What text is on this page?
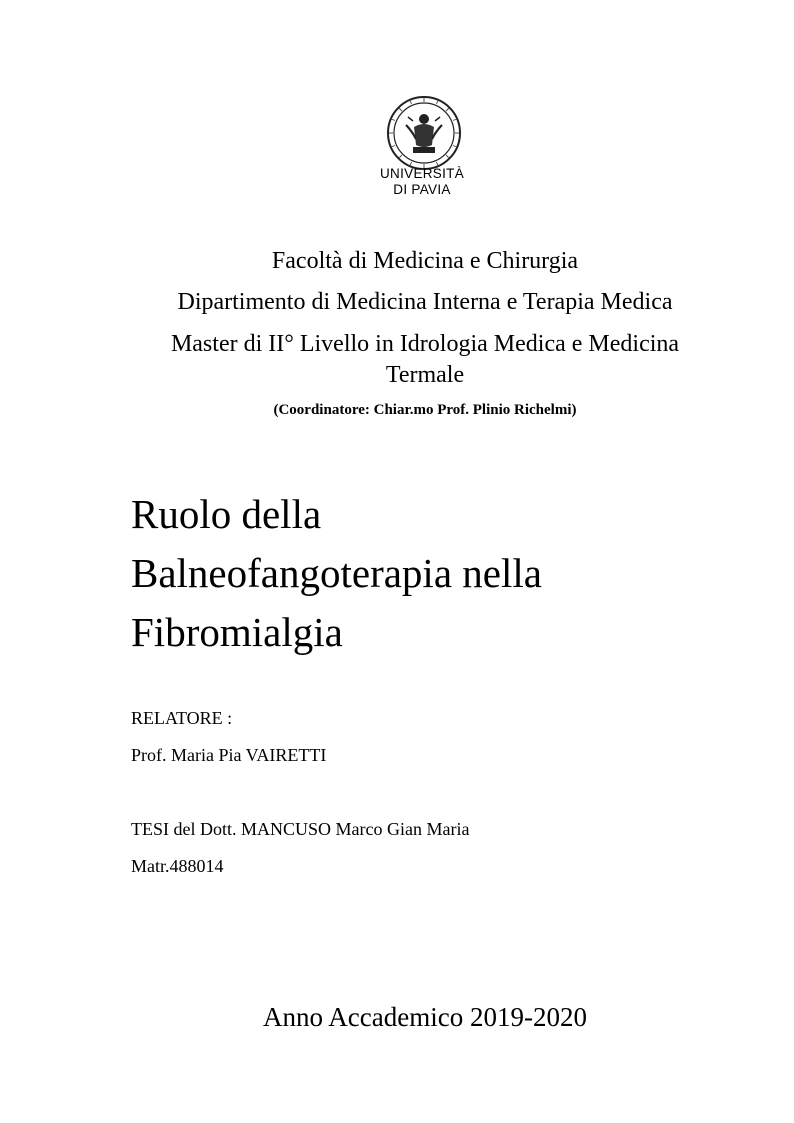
UNIVERSITÀ
DI PAVIA
Facoltà di Medicina e Chirurgia
Dipartimento di Medicina Interna e Terapia Medica
Master di II° Livello in Idrologia Medica e Medicina
Termale
(Coordinatore: Chiar.mo Prof. Plinio Richelmi)
Ruolo della
Balneofangoterapia nella
Fibromialgia
RELATORE :
Prof. Maria Pia VAIRETTI
TESI del Dott. MANCUSO Marco Gian Maria
Matr.488014
Anno Accademico 2019-2020
